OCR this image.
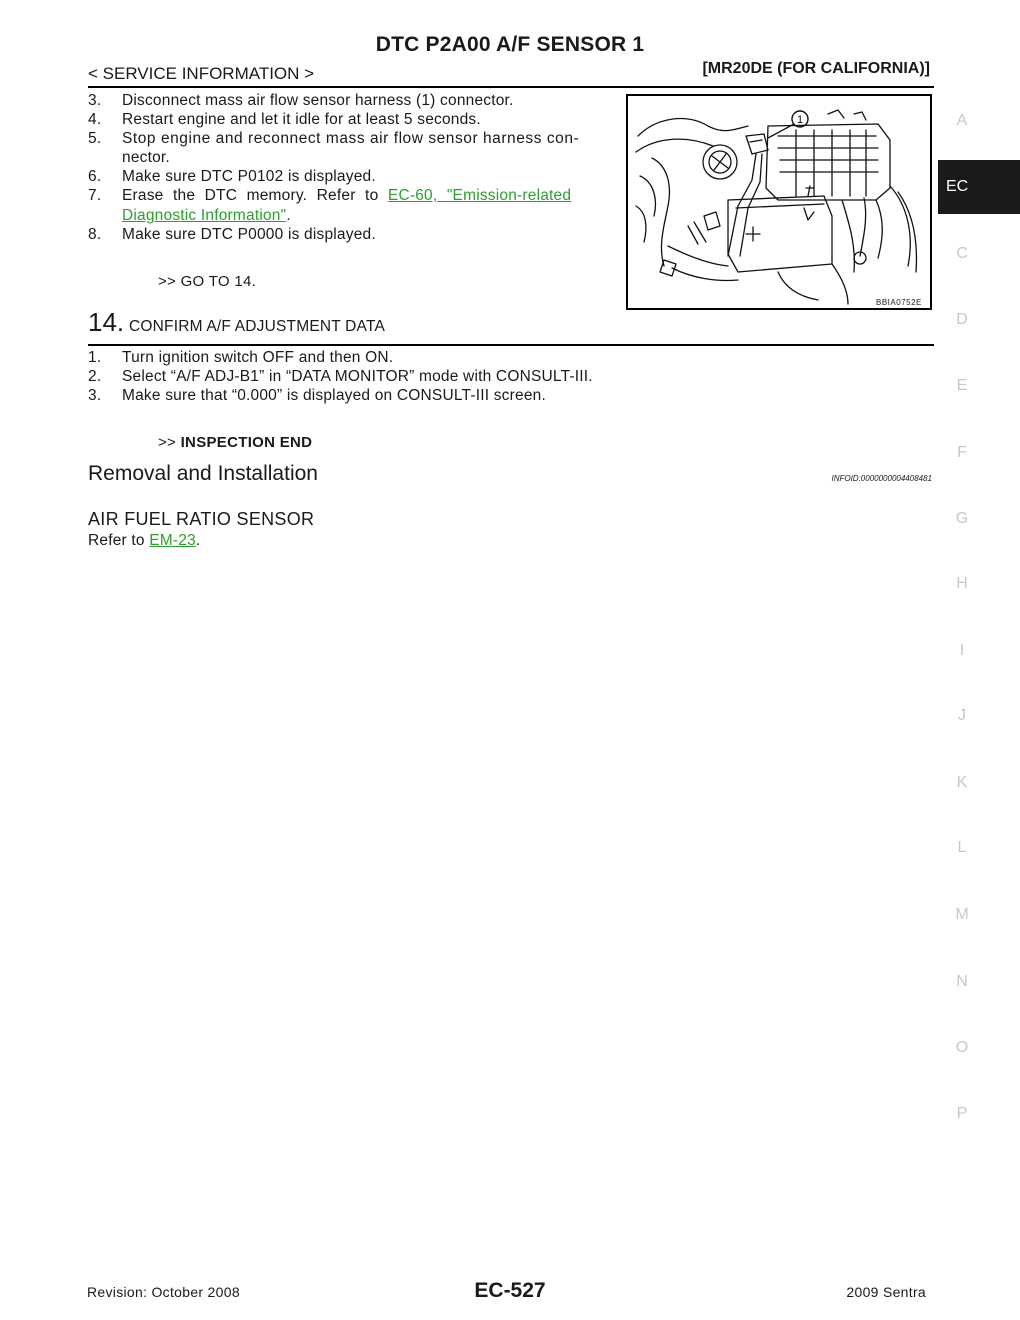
DTC P2A00 A/F SENSOR 1
< SERVICE INFORMATION >	[MR20DE (FOR CALIFORNIA)]
3.	Disconnect mass air flow sensor harness (1) connector.
4.	Restart engine and let it idle for at least 5 seconds.
5.	Stop engine and reconnect mass air flow sensor harness con-
nector.
6.	Make sure DTC P0102 is displayed.
7.	Erase the DTC memory. Refer to EC-60, "Emission-related
Diagnostic Information".
8.	Make sure DTC P0000 is displayed.
>> GO TO 14.
1
BBIA0752E
14. CONFIRM A/F ADJUSTMENT DATA
1.	Turn ignition switch OFF and then ON.
2.	Select “A/F ADJ-B1” in “DATA MONITOR” mode with CONSULT-III.
3.	Make sure that “0.000” is displayed on CONSULT-III screen.
>> INSPECTION END
Removal and Installation	INFOID:0000000004408481
AIR FUEL RATIO SENSOR
Refer to EM-23.
A
EC
C
D
E
F
G
H
I
J
K
L
M
N
O
P
Revision: October 2008	EC-527	2009 Sentra
